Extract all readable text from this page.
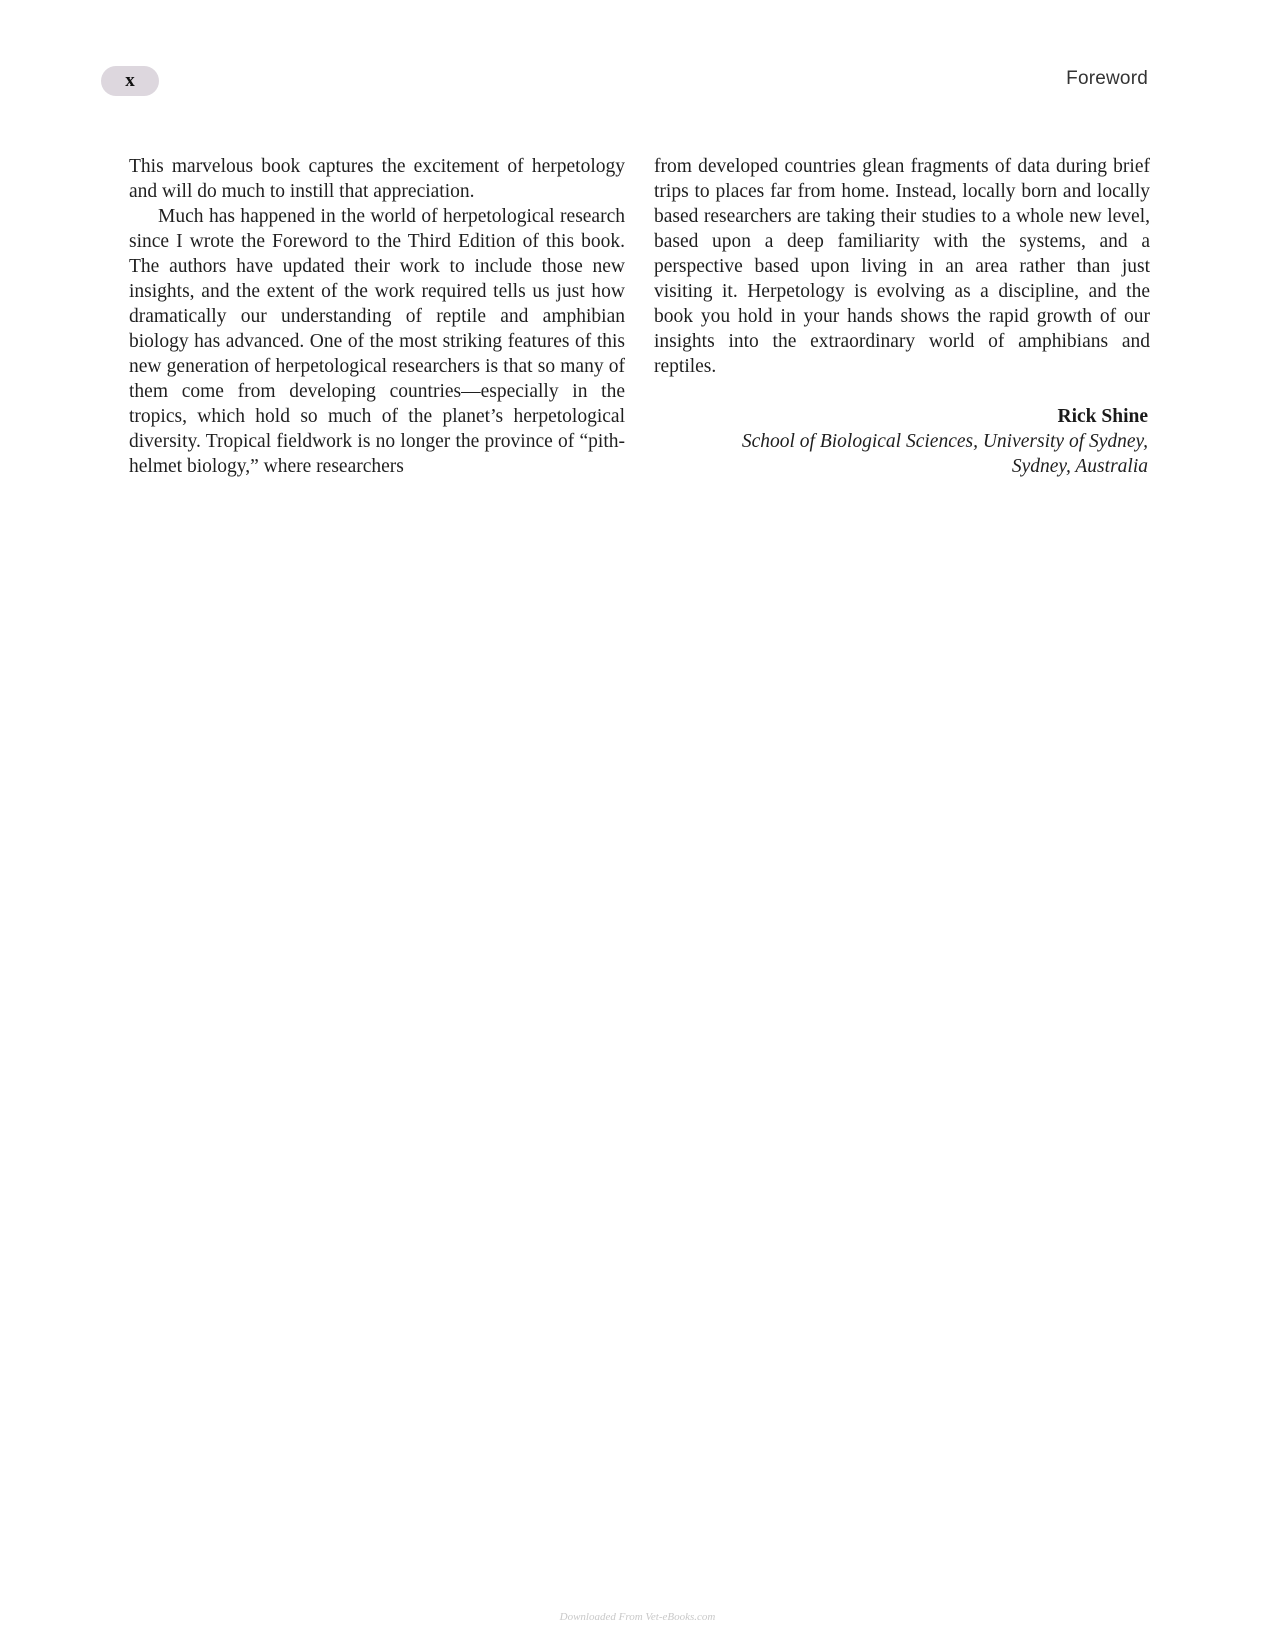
x	Foreword

This marvelous book captures the excitement of herpetology and will do much to instill that appreciation.

Much has happened in the world of herpetological research since I wrote the Foreword to the Third Edition of this book. The authors have updated their work to include those new insights, and the extent of the work required tells us just how dramatically our understanding of reptile and amphibian biology has advanced. One of the most striking features of this new generation of herpetological researchers is that so many of them come from developing countries—especially in the tropics, which hold so much of the planet’s herpetological diversity. Tropical fieldwork is no longer the province of “pith-helmet biology,” where researchers

from developed countries glean fragments of data during brief trips to places far from home. Instead, locally born and locally based researchers are taking their studies to a whole new level, based upon a deep familiarity with the systems, and a perspective based upon living in an area rather than just visiting it. Herpetology is evolving as a discipline, and the book you hold in your hands shows the rapid growth of our insights into the extraordinary world of amphibians and reptiles.

Rick Shine
School of Biological Sciences, University of Sydney,
Sydney, Australia
Downloaded From Vet-eBooks.com
